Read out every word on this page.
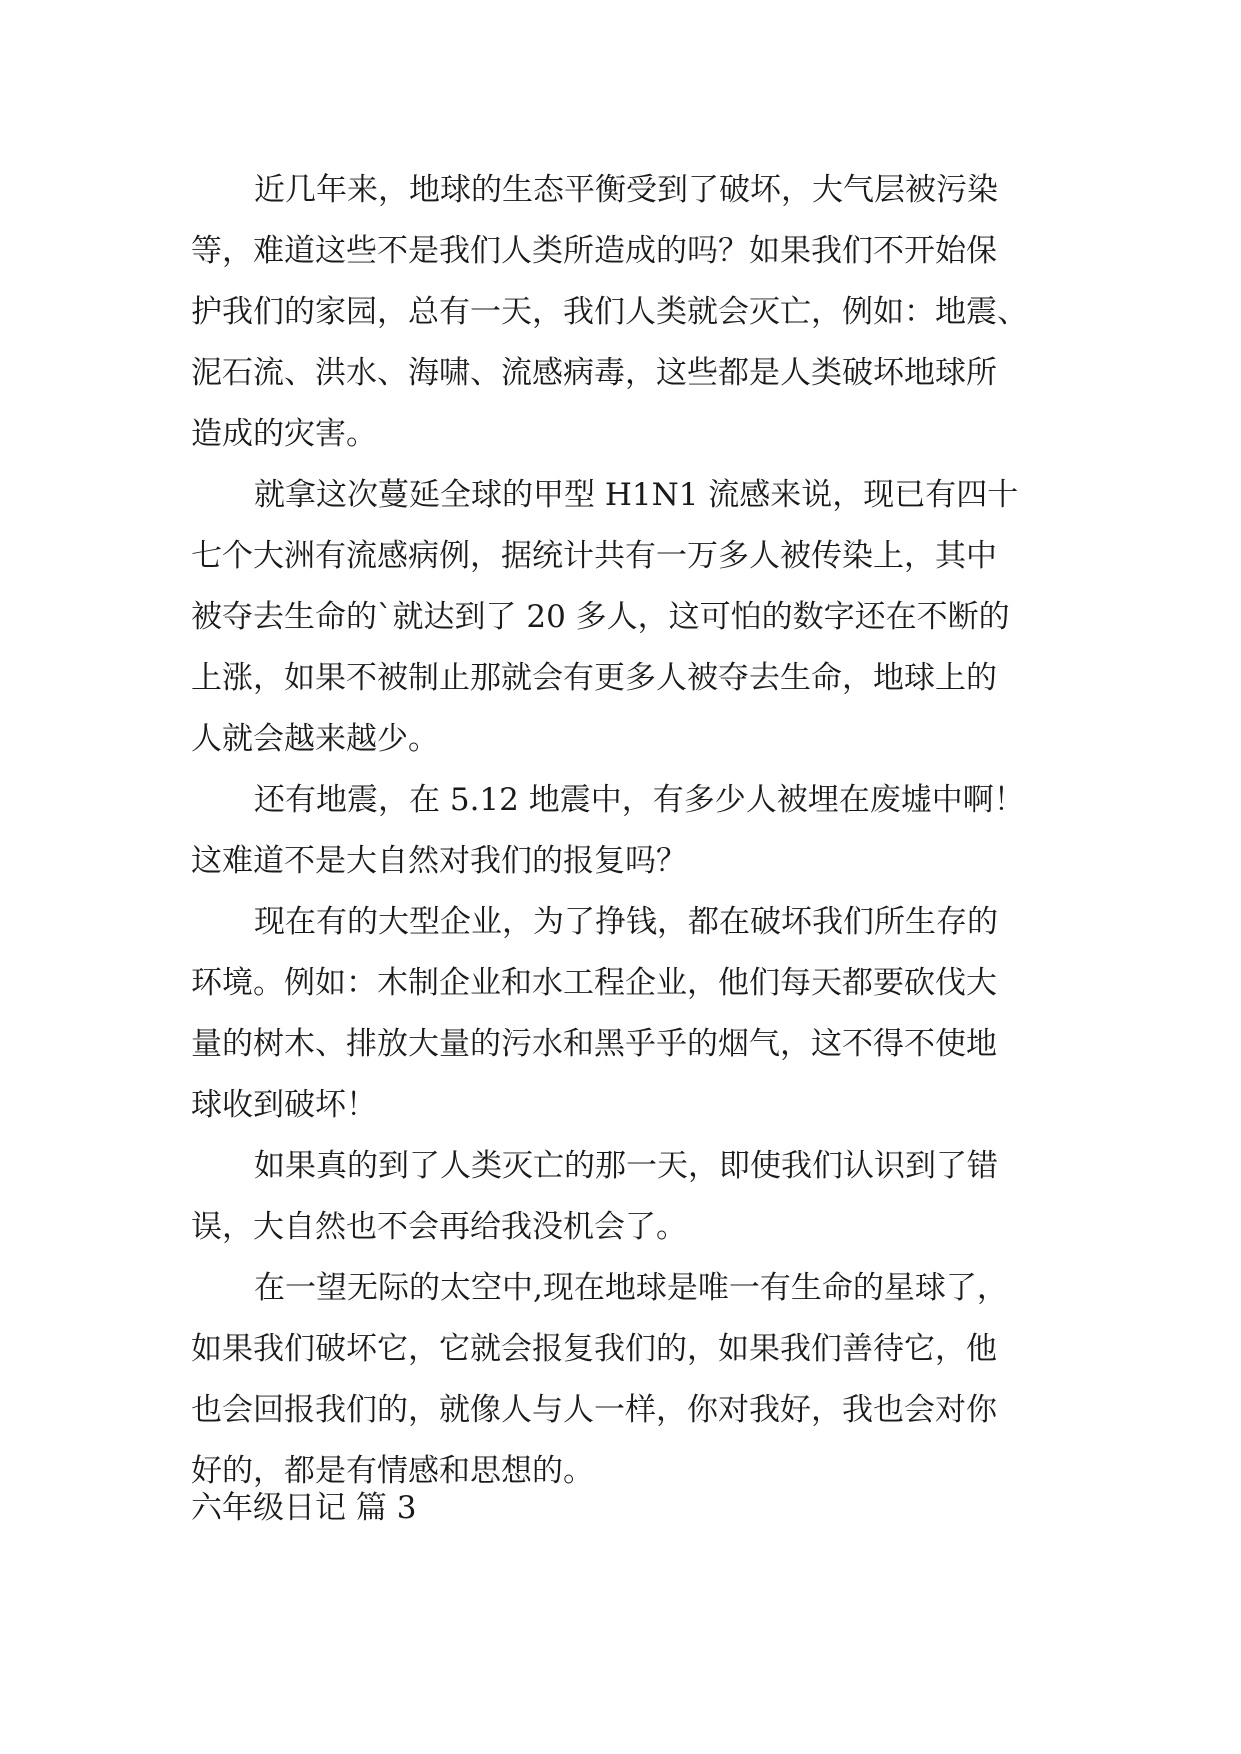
近几年来，地球的生态平衡受到了破坏，大气层被污染
等，难道这些不是我们人类所造成的吗？如果我们不开始保
护我们的家园，总有一天，我们人类就会灭亡，例如：地震、
泥石流、洪水、海啸、流感病毒，这些都是人类破坏地球所
造成的灾害。
就拿这次蔓延全球的甲型 H1N1 流感来说，现已有四十
七个大洲有流感病例，据统计共有一万多人被传染上，其中
被夺去生命的`就达到了 20 多人，这可怕的数字还在不断的
上涨，如果不被制止那就会有更多人被夺去生命，地球上的
人就会越来越少。
还有地震，在 5.12 地震中，有多少人被埋在废墟中啊！
这难道不是大自然对我们的报复吗？
现在有的大型企业，为了挣钱，都在破坏我们所生存的
环境。例如：木制企业和水工程企业，他们每天都要砍伐大
量的树木、排放大量的污水和黑乎乎的烟气，这不得不使地
球收到破坏！
如果真的到了人类灭亡的那一天，即使我们认识到了错
误，大自然也不会再给我没机会了。
在一望无际的太空中,现在地球是唯一有生命的星球了，
如果我们破坏它，它就会报复我们的，如果我们善待它，他
也会回报我们的，就像人与人一样，你对我好，我也会对你
好的，都是有情感和思想的。
六年级日记 篇 3
